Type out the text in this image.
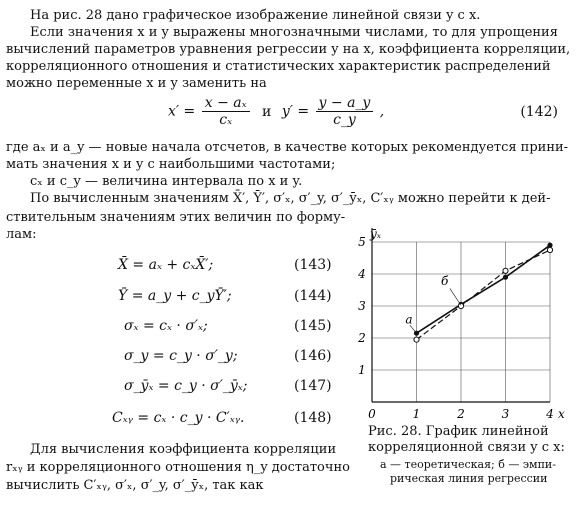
На рис. 28 дано графическое изображение линейной связи y с x.
Если значения x и y выражены многозначными числами, то для упрощения
вычислений параметров уравнения регрессии y на x, коэффициента корреляции,
корреляционного отношения и статистических характеристик распределений
можно переменные x и y заменить на
$x' = \frac{\text{x − aₓ}}{\text{cₓ}}$ и $y' = \frac{y - a\_y}{c\_y}$ ,	(142)
где aₓ и a_y — новые начала отсчетов, в качестве которых рекомендуется прини-
мать значения x и y с наибольшими частотами;
cₓ и c_y — величина интервала по x и y.
По вычисленным значениям X̄′, Ȳ′, σ′ₓ, σ′_y, σ′_ȳₓ, C′ₓᵧ можно перейти к дей-
ствительным значениям этих величин по форму-
лам:
X̄ = aₓ + cₓX̄′;	(143)
Ȳ = a_y + c_yȲ′;	(144)
σₓ = cₓ · σ′ₓ;	(145)
σ_y = c_y · σ′_y;	(146)
σ_ȳₓ = c_y · σ′_ȳₓ;	(147)
Cₓᵧ = cₓ · c_y · C′ₓᵧ.	(148)
Для вычисления коэффициента корреляции
rₓᵧ и корреляционного отношения η_y достаточно
вычислить C′ₓᵧ, σ′ₓ, σ′_y, σ′_ȳₓ, так как
0	1	2	3	4
1
2
3
4
5
x
ȳₓ
а
б
Рис. 28. График линейной
корреляционной связи y с x:
а — теоретическая; б — эмпи-
рическая линия регрессии
